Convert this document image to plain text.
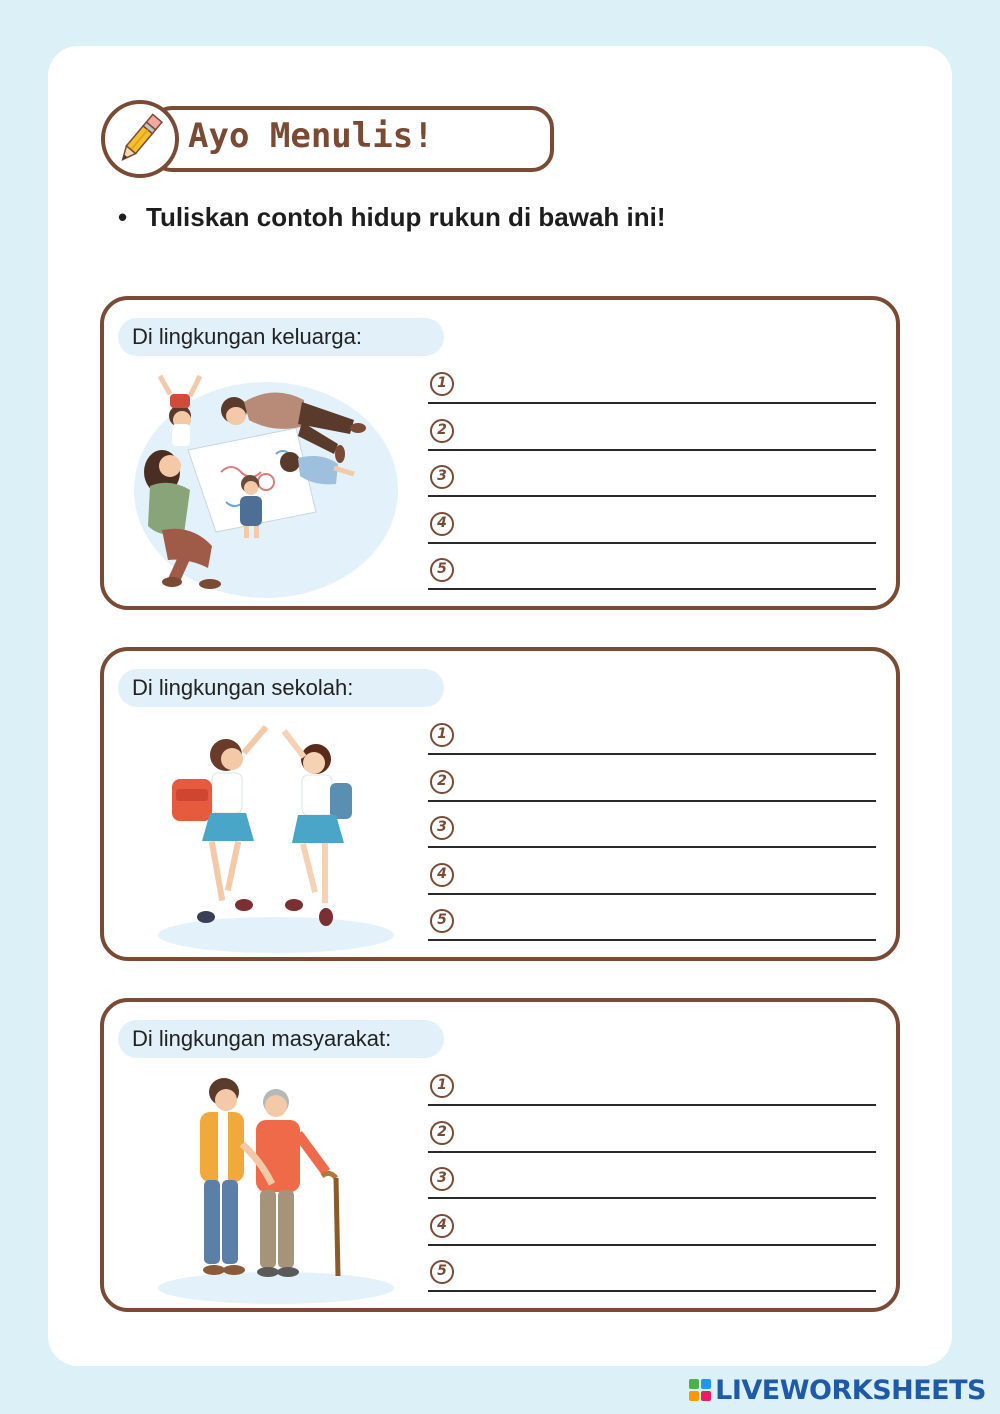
Ayo Menulis!
• Tuliskan contoh hidup rukun di bawah ini!
Di lingkungan keluarga:
1
2
3
4
5
Di lingkungan sekolah:
1
2
3
4
5
Di lingkungan masyarakat:
1
2
3
4
5
LIVEWORKSHEETS
